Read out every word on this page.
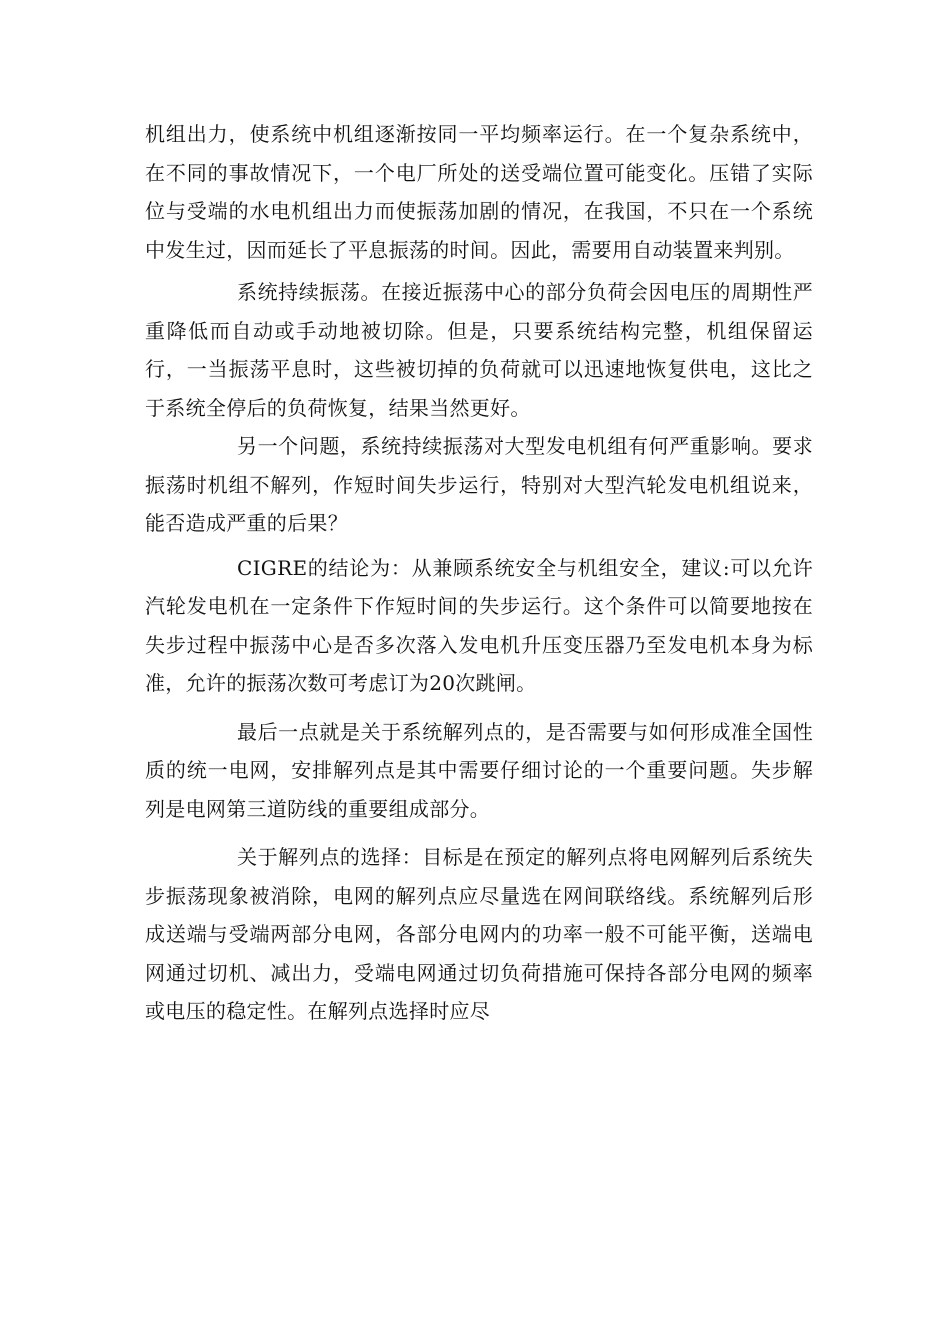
机组出力，使系统中机组逐渐按同一平均频率运行。在一个复杂系统中，在不同的事故情况下，一个电厂所处的送受端位置可能变化。压错了实际位与受端的水电机组出力而使振荡加剧的情况，在我国，不只在一个系统中发生过，因而延长了平息振荡的时间。因此，需要用自动装置来判别。

系统持续振荡。在接近振荡中心的部分负荷会因电压的周期性严重降低而自动或手动地被切除。但是，只要系统结构完整，机组保留运行，一当振荡平息时，这些被切掉的负荷就可以迅速地恢复供电，这比之于系统全停后的负荷恢复，结果当然更好。

另一个问题，系统持续振荡对大型发电机组有何严重影响。要求振荡时机组不解列，作短时间失步运行，特别对大型汽轮发电机组说来，能否造成严重的后果？

CIGRE的结论为：从兼顾系统安全与机组安全，建议:可以允许汽轮发电机在一定条件下作短时间的失步运行。这个条件可以简要地按在失步过程中振荡中心是否多次落入发电机升压变压器乃至发电机本身为标准，允许的振荡次数可考虑订为20次跳闸。

最后一点就是关于系统解列点的，是否需要与如何形成准全国性质的统一电网，安排解列点是其中需要仔细讨论的一个重要问题。失步解列是电网第三道防线的重要组成部分。

关于解列点的选择：目标是在预定的解列点将电网解列后系统失步振荡现象被消除，电网的解列点应尽量选在网间联络线。系统解列后形成送端与受端两部分电网，各部分电网内的功率一般不可能平衡，送端电网通过切机、减出力，受端电网通过切负荷措施可保持各部分电网的频率或电压的稳定性。在解列点选择时应尽
